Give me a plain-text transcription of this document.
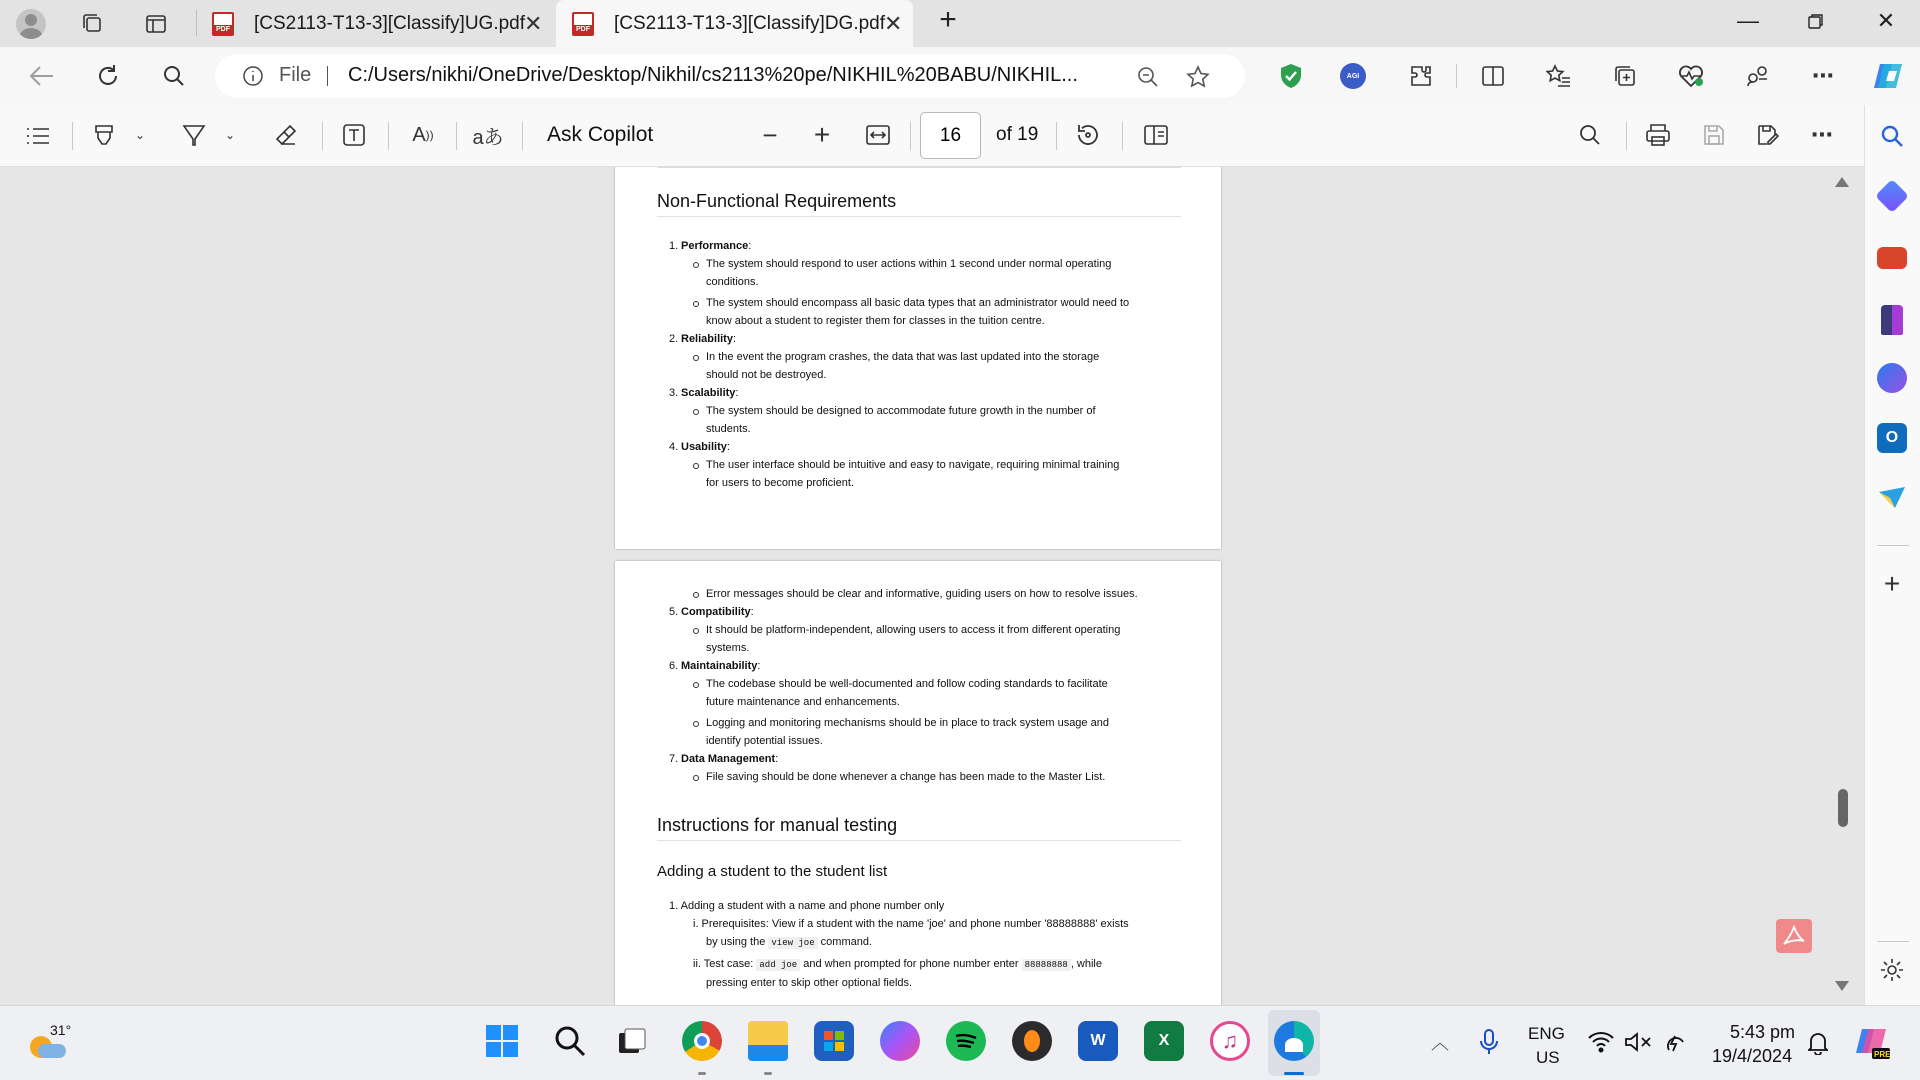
PDF [CS2113-T13-3][Classify]UG.pdf
✕	PDF [CS2113-T13-3][Classify]DG.pdf
✕	+	—	✕
File C:/Users/nikhi/OneDrive/Desktop/Nikhil/cs2113%20pe/NIKHIL%20BABU/NIKHIL...	AGI	⋯
⌄	⌄	A )) aあ Ask Copilot	− +	16	of 19	⋯
O
+
Non-Functional Requirements
1. Performance:
The system should respond to user actions within 1 second under normal operating
conditions.
The system should encompass all basic data types that an administrator would need to
know about a student to register them for classes in the tuition centre.
2. Reliability:
In the event the program crashes, the data that was last updated into the storage
should not be destroyed.
3. Scalability:
The system should be designed to accommodate future growth in the number of
students.
4. Usability:
The user interface should be intuitive and easy to navigate, requiring minimal training
for users to become proficient.
Error messages should be clear and informative, guiding users on how to resolve issues.
5. Compatibility:
It should be platform-independent, allowing users to access it from different operating
systems.
6. Maintainability:
The codebase should be well-documented and follow coding standards to facilitate
future maintenance and enhancements.
Logging and monitoring mechanisms should be in place to track system usage and
identify potential issues.
7. Data Management:
File saving should be done whenever a change has been made to the Master List.
Instructions for manual testing
Adding a student to the student list
1. Adding a student with a name and phone number only
i. Prerequisites: View if a student with the name 'joe' and phone number '88888888' exists
by using the view joe command.
ii. Test case: add joe and when prompted for phone number enter 88888888 , while
pressing enter to skip other optional fields.
31°
W	X	♫	︿	ENG
US
5:43 pm
19/4/2024	PRE
